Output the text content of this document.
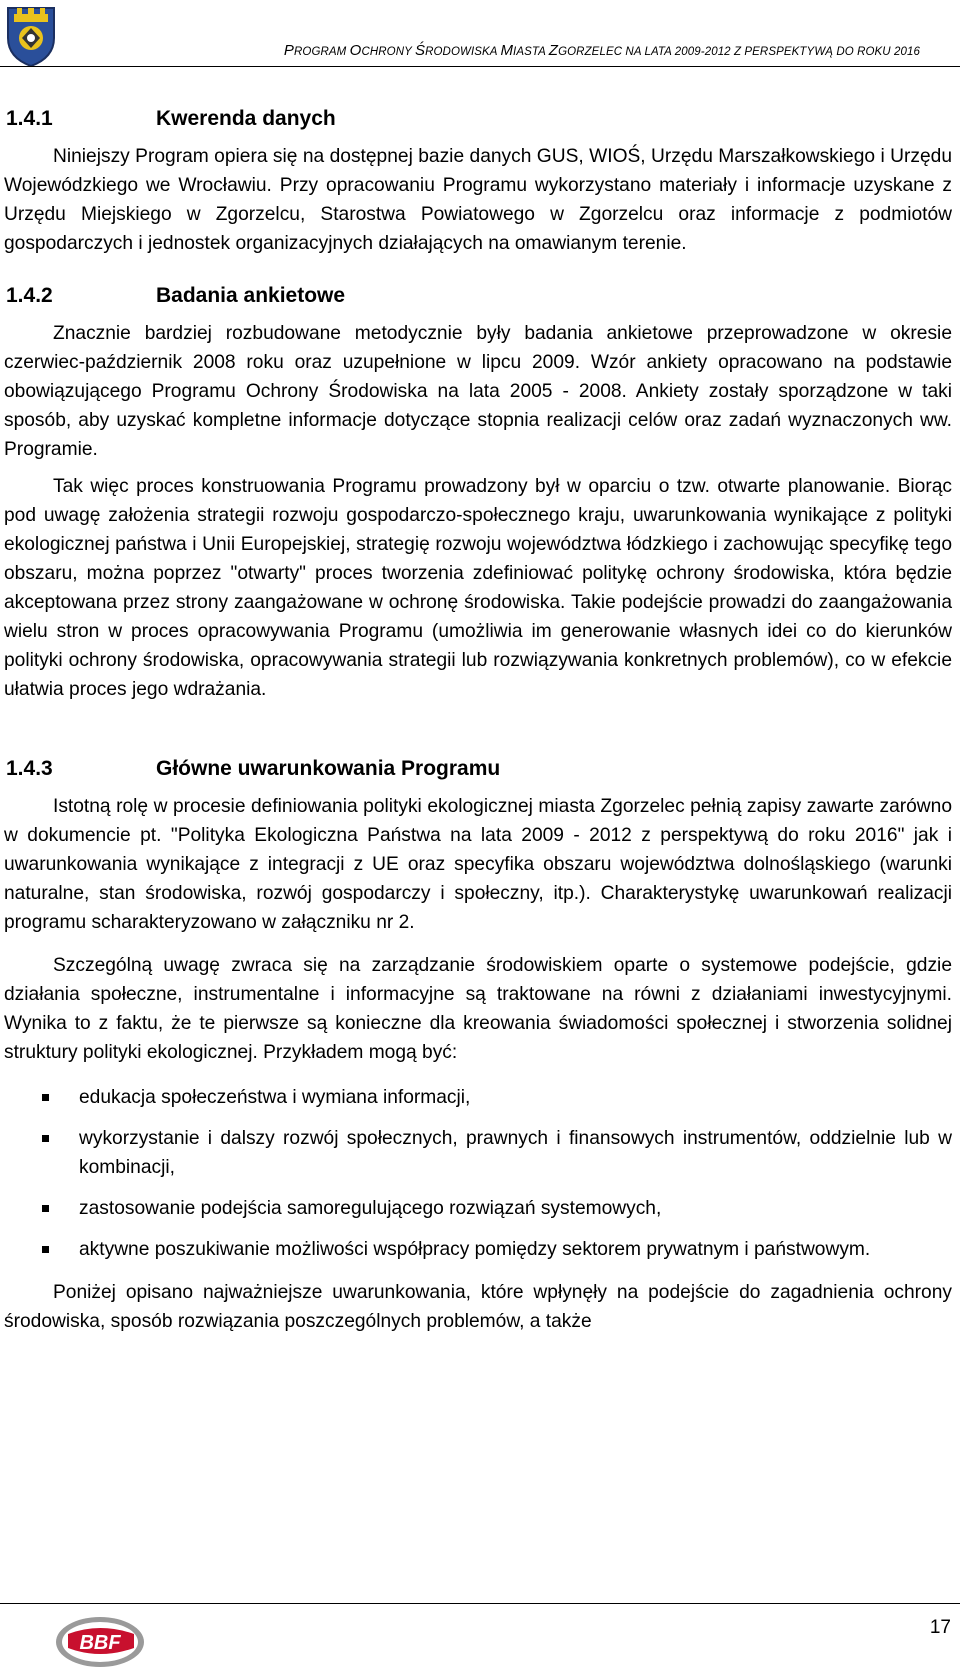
PROGRAM OCHRONY ŚRODOWISKA MIASTA ZGORZELEC NA LATA 2009-2012 Z PERSPEKTYWĄ DO ROKU 2016
1.4.1	Kwerenda danych

Niniejszy Program opiera się na dostępnej bazie danych GUS, WIOŚ, Urzędu Marszałkowskiego i Urzędu Wojewódzkiego we Wrocławiu. Przy opracowaniu Programu wykorzystano materiały i informacje uzyskane z Urzędu Miejskiego w Zgorzelcu, Starostwa Powiatowego w Zgorzelcu oraz informacje z podmiotów gospodarczych i jednostek organizacyjnych działających na omawianym terenie.

1.4.2	Badania ankietowe

Znacznie bardziej rozbudowane metodycznie były badania ankietowe przeprowadzone w okresie czerwiec-październik 2008 roku oraz uzupełnione w lipcu 2009. Wzór ankiety opracowano na podstawie obowiązującego Programu Ochrony Środowiska na lata 2005 - 2008. Ankiety zostały sporządzone w taki sposób, aby uzyskać kompletne informacje dotyczące stopnia realizacji celów oraz zadań wyznaczonych ww. Programie.

Tak więc proces konstruowania Programu prowadzony był w oparciu o tzw. otwarte planowanie. Biorąc pod uwagę założenia strategii rozwoju gospodarczo-społecznego kraju, uwarunkowania wynikające z polityki ekologicznej państwa i Unii Europejskiej, strategię rozwoju województwa łódzkiego i zachowując specyfikę tego obszaru, można poprzez "otwarty" proces tworzenia zdefiniować politykę ochrony środowiska, która będzie akceptowana przez strony zaangażowane w ochronę środowiska. Takie podejście prowadzi do zaangażowania wielu stron w proces opracowywania Programu (umożliwia im generowanie własnych idei co do kierunków polityki ochrony środowiska, opracowywania strategii lub rozwiązywania konkretnych problemów), co w efekcie ułatwia proces jego wdrażania.

1.4.3	Główne uwarunkowania Programu

Istotną rolę w procesie definiowania polityki ekologicznej miasta Zgorzelec pełnią zapisy zawarte zarówno w dokumencie pt. "Polityka Ekologiczna Państwa na lata 2009 - 2012 z perspektywą do roku 2016" jak i uwarunkowania wynikające z integracji z UE oraz specyfika obszaru województwa dolnośląskiego (warunki naturalne, stan środowiska, rozwój gospodarczy i społeczny, itp.). Charakterystykę uwarunkowań realizacji programu scharakteryzowano w załączniku nr 2.

Szczególną uwagę zwraca się na zarządzanie środowiskiem oparte o systemowe podejście, gdzie działania społeczne, instrumentalne i informacyjne są traktowane na równi z działaniami inwestycyjnymi. Wynika to z faktu, że te pierwsze są konieczne dla kreowania świadomości społecznej i stworzenia solidnej struktury polityki ekologicznej. Przykładem mogą być:

edukacja społeczeństwa i wymiana informacji,
wykorzystanie i dalszy rozwój społecznych, prawnych i finansowych instrumentów, oddzielnie lub w kombinacji,
zastosowanie podejścia samoregulującego rozwiązań systemowych,
aktywne poszukiwanie możliwości współpracy pomiędzy sektorem prywatnym i państwowym.

Poniżej opisano najważniejsze uwarunkowania, które wpłynęły na podejście do zagadnienia ochrony środowiska, sposób rozwiązania poszczególnych problemów, a także

BBF
17
